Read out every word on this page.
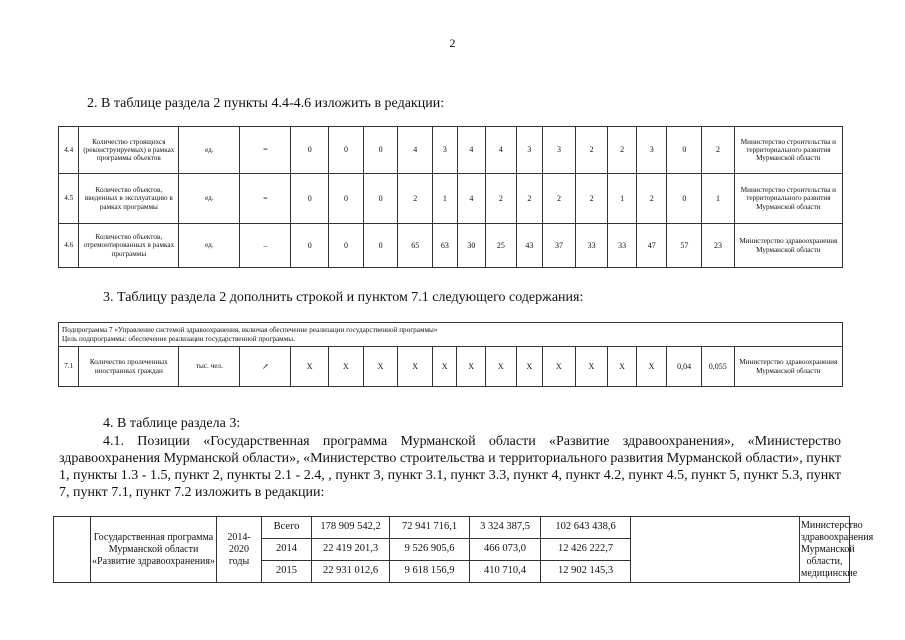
2
2. В таблице раздела 2 пункты 4.4-4.6 изложить в редакции:
4.4	Количество строящихся (реконструируемых) в рамках программы объектов	ед.	=	0	0	0	4	3	4	4	3	3	2	2	3	0	2	Министерство строительства и территориального развития Мурманской области
4.5	Количество объектов, введенных в эксплуатацию в рамках программы	ед.	=	0	0	0	2	1	4	2	2	2	2	1	2	0	1	Министерство строительства и территориального развития Мурманской области
4.6	Количество объектов, отремонтированных в рамках программы	ед.	–	0	0	0	65	63	30	25	43	37	33	33	47	57	23	Министерство здравоохранения Мурманской области
3. Таблицу раздела 2 дополнить строкой и пунктом 7.1 следующего содержания:
Подпрограмма 7 «Управление системой здравоохранения, включая обеспечение реализации государственной программы»
Цель подпрограммы: обеспечение реализации государственной программы.

7.1	Количество пролеченных иностранных граждан	тыс. чел.	↗	X	X	X	X	X	X	X	X	X	X	X	X	0,04	0,055	Министерство здравоохранения Мурманской области
4. В таблице раздела 3:
4.1. Позиции «Государственная программа Мурманской области «Развитие здравоохранения», «Министерство здравоохранения Мурманской области», «Министерство строительства и территориального развития Мурманской области», пункт 1, пункты 1.3 - 1.5, пункт 2, пункты 2.1 - 2.4, , пункт 3, пункт 3.1, пункт 3.3, пункт 4, пункт 4.2, пункт 4.5, пункт 5, пункт 5.3, пункт 7, пункт 7.1, пункт 7.2 изложить в редакции:
	Государственная программа Мурманской области «Развитие здравоохранения»	2014-2020 годы	Всего	178 909 542,2	72 941 716,1	3 324 387,5	102 643 438,6		Министерство здравоохранения Мурманской области, медицинские
			2014	22 419 201,3	9 526 905,6	466 073,0	12 426 222,7		
			2015	22 931 012,6	9 618 156,9	410 710,4	12 902 145,3		
